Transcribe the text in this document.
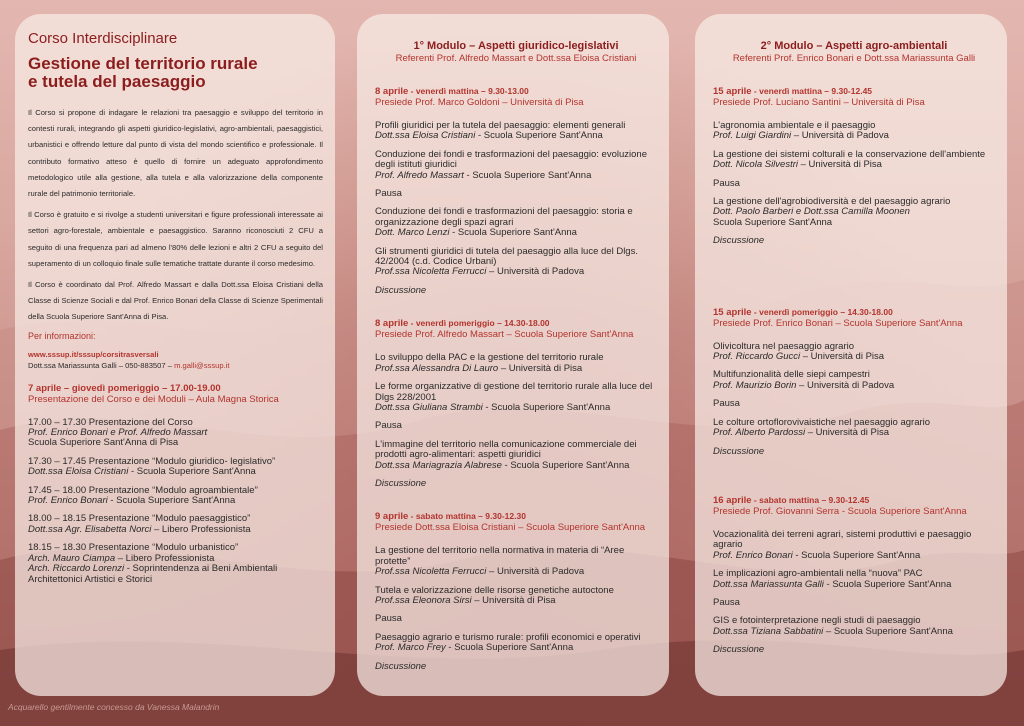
Corso Interdisciplinare
Gestione del territorio rurale
e tutela del paesaggio

Il Corso si propone di indagare le relazioni tra paesaggio e sviluppo del territorio in contesti rurali, integrando gli aspetti giuridico-legislativi, agro-ambientali, paesaggistici, urbanistici e offrendo letture dal punto di vista del mondo scientifico e professionale. Il contributo formativo atteso è quello di fornire un adeguato approfondimento metodologico utile alla gestione, alla tutela e alla valorizzazione della componente rurale del patrimonio territoriale.

Il Corso è gratuito e si rivolge a studenti universitari e figure professionali interessate ai settori agro-forestale, ambientale e paesaggistico. Saranno riconosciuti 2 CFU a seguito di una frequenza pari ad almeno l'80% delle lezioni e altri 2 CFU a seguito del superamento di un colloquio finale sulle tematiche trattate durante il corso medesimo.

Il Corso è coordinato dal Prof. Alfredo Massart e dalla Dott.ssa Eloisa Cristiani della Classe di Scienze Sociali e dal Prof. Enrico Bonari della Classe di Scienze Sperimentali della Scuola Superiore Sant'Anna di Pisa.

Per informazioni:
www.sssup.it/sssup/corsitrasversali
Dott.ssa Mariassunta Galli – 050-883507 – m.galli@sssup.it
7 aprile – giovedì pomeriggio – 17.00-19.00
Presentazione del Corso e dei Moduli – Aula Magna Storica
17.00 – 17.30 Presentazione del Corso
Prof. Enrico Bonari e Prof. Alfredo Massart
Scuola Superiore Sant'Anna di Pisa
17.30 – 17.45 Presentazione “Modulo giuridico- legislativo”
Dott.ssa Eloisa Cristiani - Scuola Superiore Sant'Anna
17.45 – 18.00 Presentazione “Modulo agroambientale”
Prof. Enrico Bonari - Scuola Superiore Sant'Anna
18.00 – 18.15 Presentazione “Modulo paesaggistico”
Dott.ssa Agr. Elisabetta Norci – Libero Professionista
18.15 – 18.30 Presentazione “Modulo urbanistico”
Arch. Mauro Ciampa – Libero Professionista
Arch. Riccardo Lorenzi - Soprintendenza ai Beni Ambientali
Architettonici Artistici e Storici
1° Modulo – Aspetti giuridico-legislativi
Referenti Prof. Alfredo Massart e Dott.ssa Eloisa Cristiani
8 aprile - venerdì mattina – 9.30-13.00
Presiede Prof. Marco Goldoni – Università di Pisa
Profili giuridici per la tutela del paesaggio: elementi generali
Dott.ssa Eloisa Cristiani - Scuola Superiore Sant'Anna
Conduzione dei fondi e trasformazioni del paesaggio: evoluzione degli istituti giuridici
Prof. Alfredo Massart - Scuola Superiore Sant'Anna
Pausa
Conduzione dei fondi e trasformazioni del paesaggio: storia e organizzazione degli spazi agrari
Dott. Marco Lenzi - Scuola Superiore Sant'Anna
Gli strumenti giuridici di tutela del paesaggio alla luce del Dlgs. 42/2004 (c.d. Codice Urbani)
Prof.ssa Nicoletta Ferrucci – Università di Padova
Discussione
8 aprile - venerdì pomeriggio – 14.30-18.00
Presiede Prof. Alfredo Massart – Scuola Superiore Sant'Anna
Lo sviluppo della PAC e la gestione del territorio rurale
Prof.ssa Alessandra Di Lauro – Università di Pisa
Le forme organizzative di gestione del territorio rurale alla luce del Dlgs 228/2001
Dott.ssa Giuliana Strambi - Scuola Superiore Sant'Anna
Pausa
L'immagine del territorio nella comunicazione commerciale dei prodotti agro-alimentari: aspetti giuridici
Dott.ssa Mariagrazia Alabrese - Scuola Superiore Sant'Anna
Discussione
9 aprile - sabato mattina – 9.30-12.30
Presiede Dott.ssa Eloisa Cristiani – Scuola Superiore Sant'Anna
La gestione del territorio nella normativa in materia di “Aree protette”
Prof.ssa Nicoletta Ferrucci – Università di Padova
Tutela e valorizzazione delle risorse genetiche autoctone
Prof.ssa Eleonora Sirsi – Università di Pisa
Pausa
Paesaggio agrario e turismo rurale: profili economici e operativi
Prof. Marco Frey - Scuola Superiore Sant'Anna
Discussione
2° Modulo – Aspetti agro-ambientali
Referenti Prof. Enrico Bonari e Dott.ssa Mariassunta Galli
15 aprile - venerdì mattina – 9.30-12.45
Presiede Prof. Luciano Santini – Università di Pisa
L'agronomia ambientale e il paesaggio
Prof. Luigi Giardini – Università di Padova
La gestione dei sistemi colturali e la conservazione dell'ambiente
Dott. Nicola Silvestri – Università di Pisa
Pausa
La gestione dell'agrobiodiversità e del paesaggio agrario
Dott. Paolo Barberi e Dott.ssa Camilla Moonen
Scuola Superiore Sant'Anna
Discussione
15 aprile - venerdì pomeriggio – 14.30-18.00
Presiede Prof. Enrico Bonari – Scuola Superiore Sant'Anna
Olivicoltura nel paesaggio agrario
Prof. Riccardo Gucci – Università di Pisa
Multifunzionalità delle siepi campestri
Prof. Maurizio Borin – Università di Padova
Pausa
Le colture ortoflorovivaistiche nel paesaggio agrario
Prof. Alberto Pardossi – Università di Pisa
Discussione
16 aprile - sabato mattina – 9.30-12.45
Presiede Prof. Giovanni Serra - Scuola Superiore Sant'Anna
Vocazionalità dei terreni agrari, sistemi produttivi e paesaggio agrario
Prof. Enrico Bonari - Scuola Superiore Sant'Anna
Le implicazioni agro-ambientali nella “nuova” PAC
Dott.ssa Mariassunta Galli - Scuola Superiore Sant'Anna
Pausa
GIS e fotointerpretazione negli studi di paesaggio
Dott.ssa Tiziana Sabbatini – Scuola Superiore Sant'Anna
Discussione
Acquarello gentilmente concesso da Vanessa Malandrin
